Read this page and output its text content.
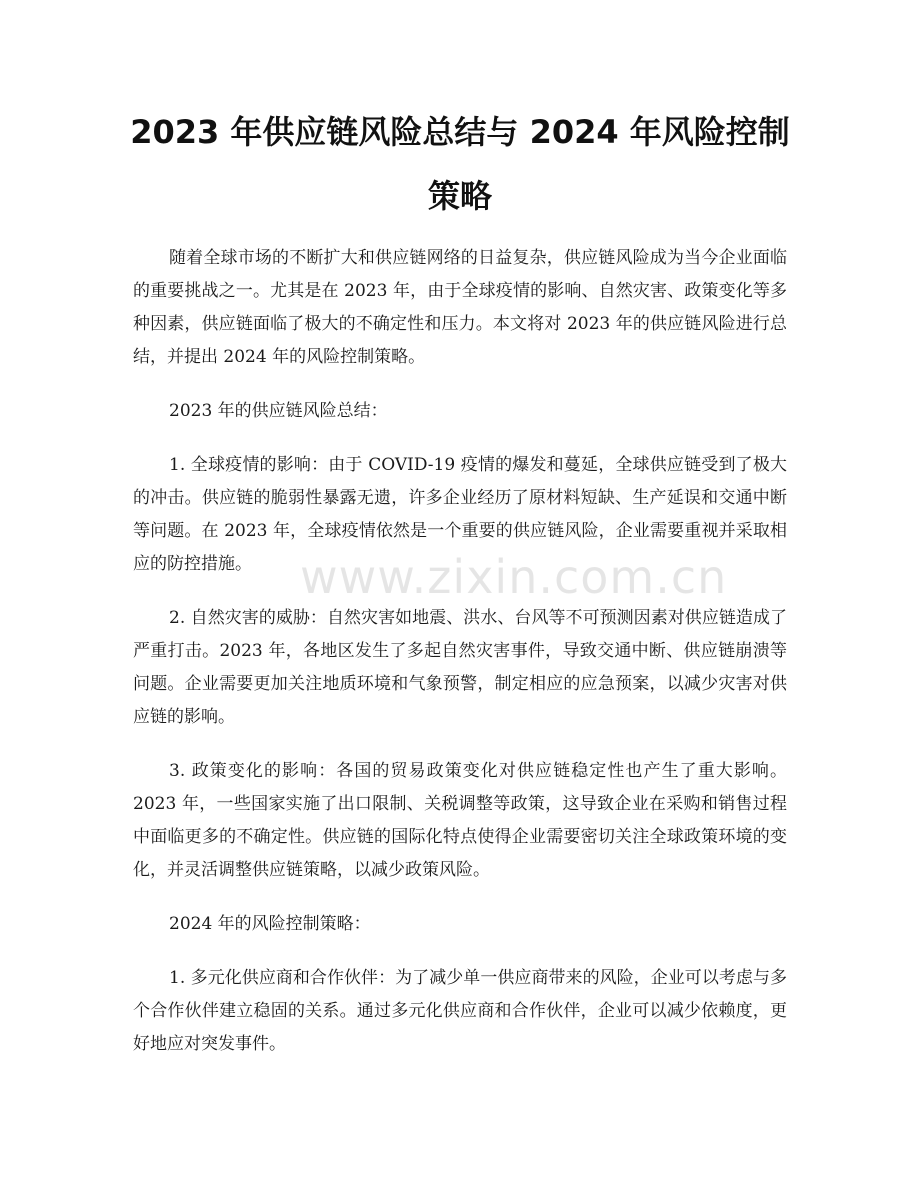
2023 年供应链风险总结与 2024 年风险控制策略

随着全球市场的不断扩大和供应链网络的日益复杂，供应链风险成为当今企业面临的重要挑战之一。尤其是在 2023 年，由于全球疫情的影响、自然灾害、政策变化等多种因素，供应链面临了极大的不确定性和压力。本文将对 2023 年的供应链风险进行总结，并提出 2024 年的风险控制策略。

2023 年的供应链风险总结：

1. 全球疫情的影响：由于 COVID-19 疫情的爆发和蔓延，全球供应链受到了极大的冲击。供应链的脆弱性暴露无遗，许多企业经历了原材料短缺、生产延误和交通中断等问题。在 2023 年，全球疫情依然是一个重要的供应链风险，企业需要重视并采取相应的防控措施。

2. 自然灾害的威胁：自然灾害如地震、洪水、台风等不可预测因素对供应链造成了严重打击。2023 年，各地区发生了多起自然灾害事件，导致交通中断、供应链崩溃等问题。企业需要更加关注地质环境和气象预警，制定相应的应急预案，以减少灾害对供应链的影响。

3. 政策变化的影响：各国的贸易政策变化对供应链稳定性也产生了重大影响。2023 年，一些国家实施了出口限制、关税调整等政策，这导致企业在采购和销售过程中面临更多的不确定性。供应链的国际化特点使得企业需要密切关注全球政策环境的变化，并灵活调整供应链策略，以减少政策风险。

2024 年的风险控制策略：

1. 多元化供应商和合作伙伴：为了减少单一供应商带来的风险，企业可以考虑与多个合作伙伴建立稳固的关系。通过多元化供应商和合作伙伴，企业可以减少依赖度，更好地应对突发事件。

www.zixin.com.cn
